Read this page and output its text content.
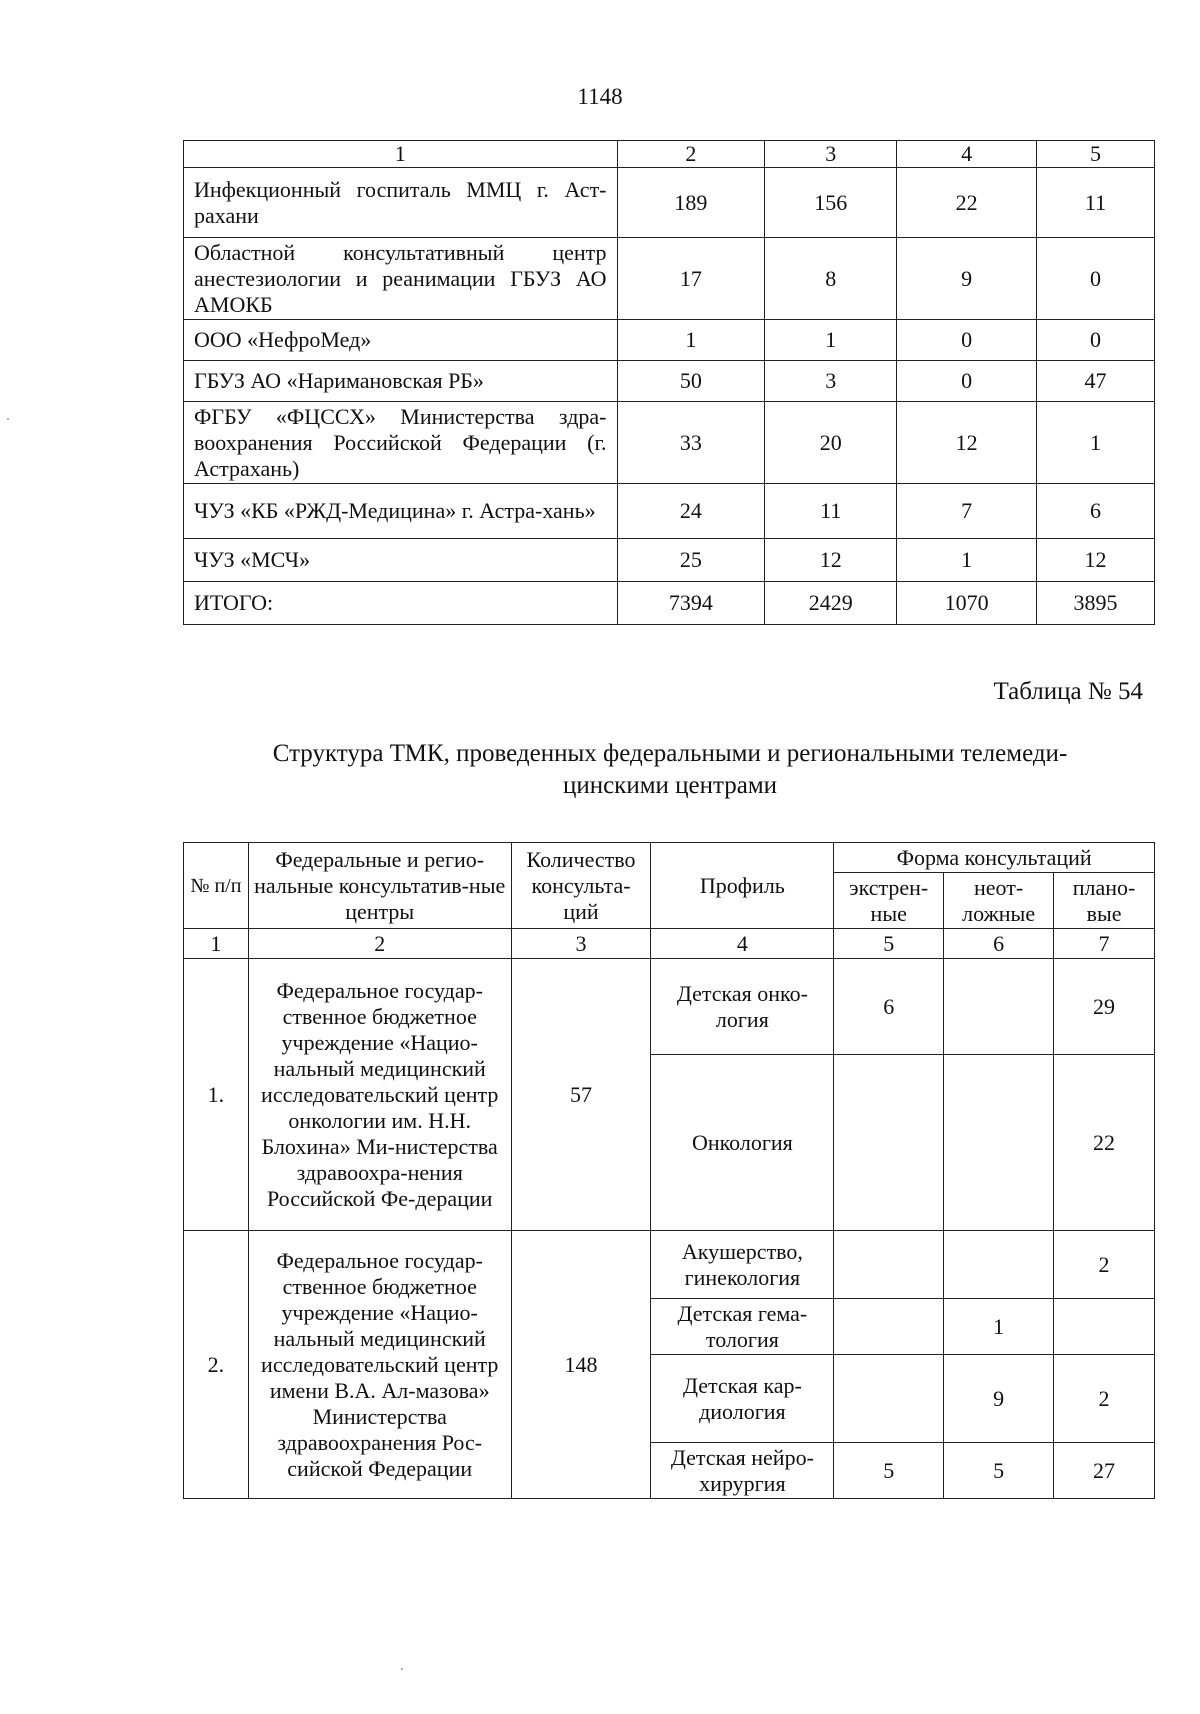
1148
1	2	3	4	5
Инфекционный госпиталь ММЦ г. Аст-рахани	189	156	22	11
Областной консультативный центр анестезиологии и реанимации ГБУЗ АО АМОКБ	17	8	9	0
ООО «НефроМед»	1	1	0	0
ГБУЗ АО «Наримановская РБ»	50	3	0	47
ФГБУ «ФЦССХ» Министерства здра-воохранения Российской Федерации (г. Астрахань)	33	20	12	1
ЧУЗ «КБ «РЖД-Медицина» г. Астра-хань»	24	11	7	6
ЧУЗ «МСЧ»	25	12	1	12
ИТОГО:	7394	2429	1070	3895
Таблица № 54
Структура ТМК, проведенных федеральными и региональными телемеди-
цинскими центрами
№ п/п	Федеральные и регио-нальные консультатив-ные центры	Количество консульта-ций	Профиль	Форма консультаций		
				экстрен-ные	неот-ложные	плано-вые
1	2	3	4	5	6	7
1.	Федеральное государ-ственное бюджетное учреждение «Нацио-нальный медицинский исследовательский центр онкологии им. Н.Н. Блохина» Ми-нистерства здравоохра-нения Российской Фе-дерации	57	Детская онко-логия	6		29
			Онкология			22
2.	Федеральное государ-ственное бюджетное учреждение «Нацио-нальный медицинский исследовательский центр имени В.А. Ал-мазова» Министерства здравоохранения Рос-сийской Федерации	148	Акушерство, гинекология			2
			Детская гема-тология		1	
			Детская кар-диология		9	2
			Детская нейро-хирургия	5	5	27
